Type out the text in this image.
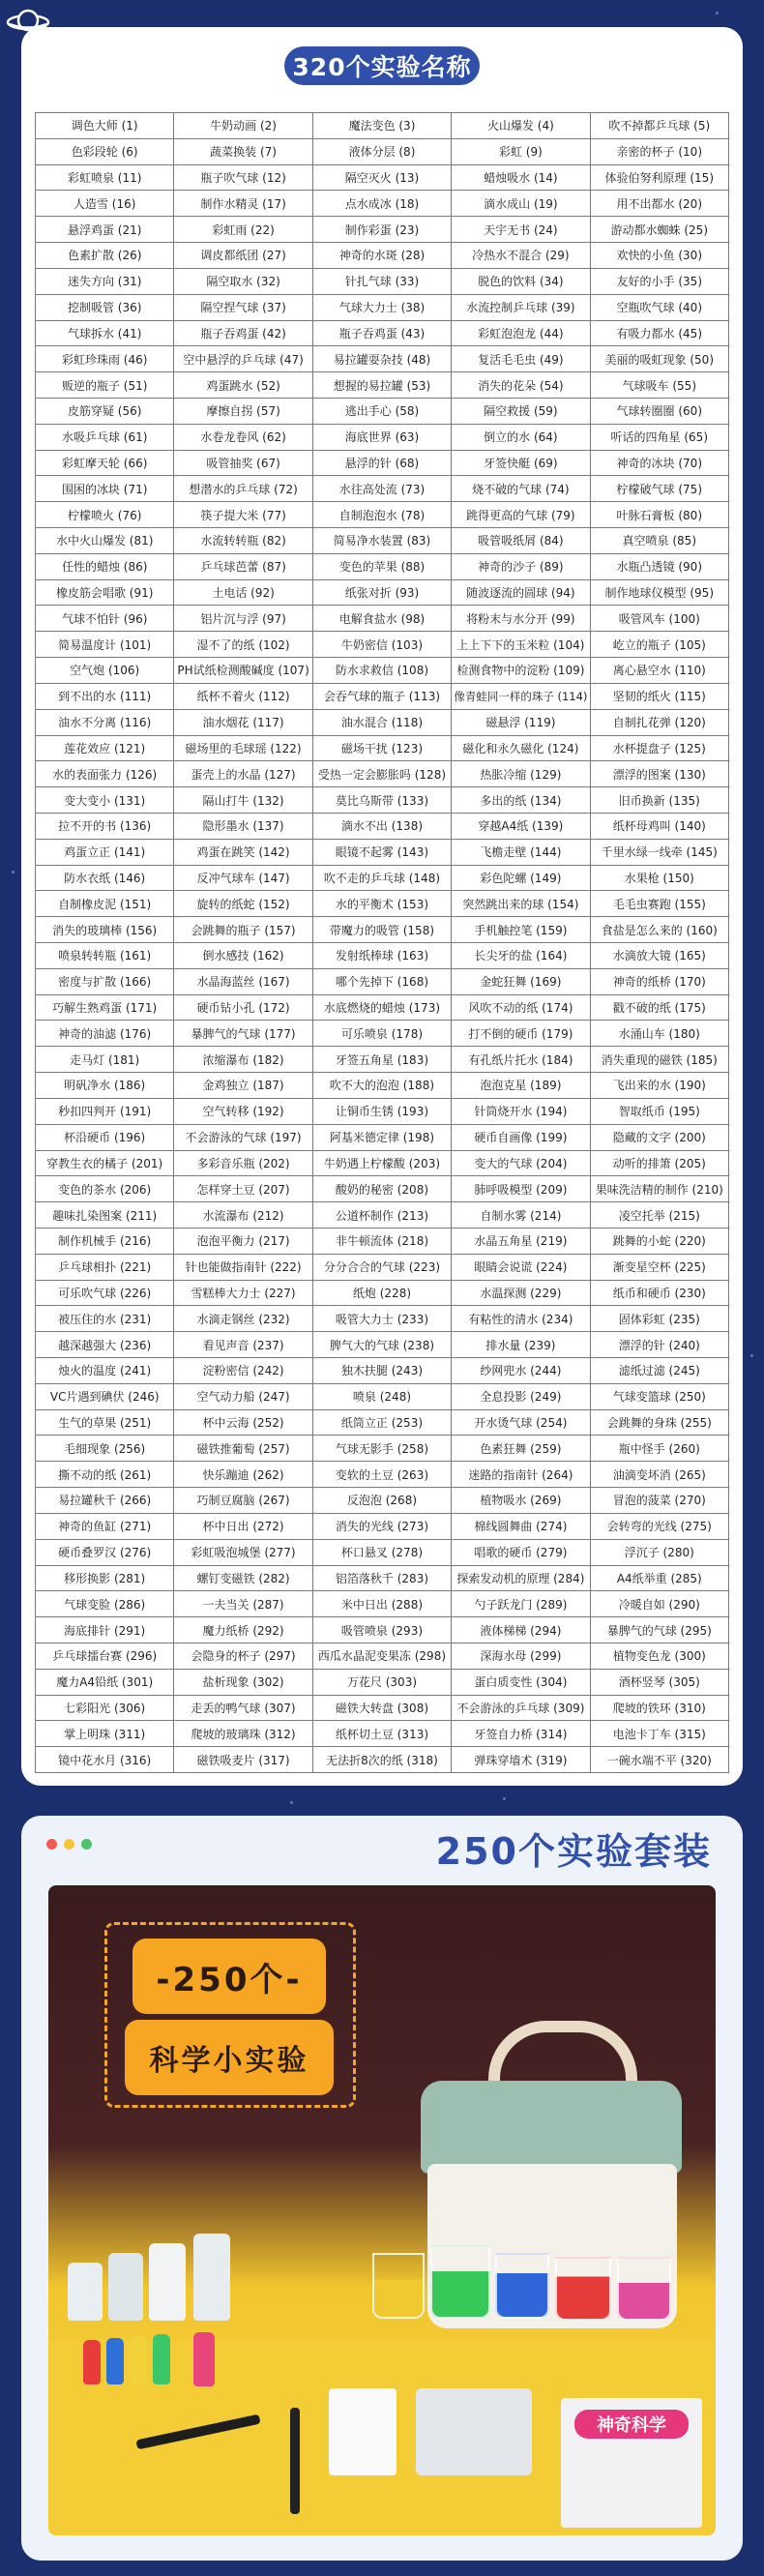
320个实验名称
调色大师 (1)	牛奶动画 (2)	魔法变色 (3)	火山爆发 (4)	吹不掉都乒乓球 (5)
色彩段轮 (6)	蔬菜换装 (7)	液体分层 (8)	彩虹 (9)	亲密的杯子 (10)
彩虹喷泉 (11)	瓶子吹气球 (12)	隔空灭火 (13)	蜡烛吸水 (14)	体验伯努利原理 (15)
人造雪 (16)	制作水精灵 (17)	点水成冰 (18)	滴水成山 (19)	用不出都水 (20)
悬浮鸡蛋 (21)	彩虹雨 (22)	制作彩蛋 (23)	天宇无书 (24)	游动都水蜘蛛 (25)
色素扩散 (26)	调皮都纸团 (27)	神奇的水斑 (28)	冷热水不混合 (29)	欢快的小鱼 (30)
迷失方向 (31)	隔空取水 (32)	针扎气球 (33)	脱色的饮料 (34)	友好的小手 (35)
挖制吸管 (36)	隔空捏气球 (37)	气球大力士 (38)	水流控制乒乓球 (39)	空瓶吹气球 (40)
气球拆水 (41)	瓶子吞鸡蛋 (42)	瓶子吞鸡蛋 (43)	彩虹泡泡龙 (44)	有吸力都水 (45)
彩虹珍珠雨 (46)	空中悬浮的乒乓球 (47)	易拉罐耍杂技 (48)	复活毛毛虫 (49)	美丽的吸虹现象 (50)
贩逆的瓶子 (51)	鸡蛋跳水 (52)	想握的易拉罐 (53)	消失的花朵 (54)	气球吸车 (55)
皮筋穿疑 (56)	摩擦自拐 (57)	逃出手心 (58)	隔空救援 (59)	气球转圈圈 (60)
水吸乒乓球 (61)	水卷龙卷风 (62)	海底世界 (63)	倒立的水 (64)	听话的四角星 (65)
彩虹摩天轮 (66)	吸管抽奖 (67)	悬浮的针 (68)	牙签快艇 (69)	神奇的冰块 (70)
围困的冰块 (71)	想潜水的乒乓球 (72)	水往高处流 (73)	烧不破的气球 (74)	柠檬破气球 (75)
柠檬喷火 (76)	筷子提大米 (77)	自制泡泡水 (78)	跳得更高的气球 (79)	叶脉石膏板 (80)
水中火山爆发 (81)	水流转转瓶 (82)	简易净水装置 (83)	吸管吸纸屑 (84)	真空喷泉 (85)
任性的蜡烛 (86)	乒乓球芭蕾 (87)	变色的苹果 (88)	神奇的沙子 (89)	水瓶凸透镜 (90)
橡皮筋会唱歌 (91)	土电话 (92)	纸张对折 (93)	随波逐流的圆球 (94)	制作地球仪模型 (95)
气球不怕针 (96)	铝片沉与浮 (97)	电解食盐水 (98)	将粉末与水分开 (99)	吸管风车 (100)
简易温度计 (101)	湿不了的纸 (102)	牛奶密信 (103)	上上下下的玉米粒 (104)	屹立的瓶子 (105)
空气炮 (106)	PH试纸检测酸碱度 (107)	防水求救信 (108)	检测食物中的淀粉 (109)	离心悬空水 (110)
到不出的水 (111)	纸杯不着火 (112)	会吞气球的瓶子 (113)	像青蛙同一样的珠子 (114)	坚韧的纸火 (115)
油水不分离 (116)	油水烟花 (117)	油水混合 (118)	磁悬浮 (119)	自制扎花弹 (120)
莲花效应 (121)	磁场里的毛球瑶 (122)	磁场干扰 (123)	磁化和永久磁化 (124)	水杯提盘子 (125)
水的表面张力 (126)	蛋壳上的水晶 (127)	受热一定会膨胀吗 (128)	热胀冷缩 (129)	漂浮的图案 (130)
变大变小 (131)	隔山打牛 (132)	莫比乌斯带 (133)	多出的纸 (134)	旧币换新 (135)
拉不开的书 (136)	隐形墨水 (137)	滴水不出 (138)	穿越A4纸 (139)	纸杯母鸡叫 (140)
鸡蛋立正 (141)	鸡蛋在跳笑 (142)	眼镜不起雾 (143)	飞檐走壁 (144)	千里水绿一线牵 (145)
防水衣纸 (146)	反冲气球车 (147)	吹不走的乒乓球 (148)	彩色陀螺 (149)	水果枪 (150)
自制橡皮泥 (151)	旋转的纸蛇 (152)	水的平衡术 (153)	突然跳出来的球 (154)	毛毛虫赛跑 (155)
消失的玻璃棒 (156)	会跳舞的瓶子 (157)	带魔力的吸管 (158)	手机触控笔 (159)	食盐是怎么来的 (160)
喷泉转转瓶 (161)	倒水感技 (162)	发射纸棒球 (163)	长尖牙的盐 (164)	水滴放大镜 (165)
密度与扩散 (166)	水晶海蓝丝 (167)	哪个先掉下 (168)	金蛇狂舞 (169)	神奇的纸桥 (170)
巧解生熟鸡蛋 (171)	硬币钻小孔 (172)	水底燃烧的蜡烛 (173)	风吹不动的纸 (174)	戳不破的纸 (175)
神奇的油滤 (176)	暴脾气的气球 (177)	可乐喷泉 (178)	打不倒的硬币 (179)	水涌山车 (180)
走马灯 (181)	浓缩瀑布 (182)	牙签五角星 (183)	有孔纸片托水 (184)	消失重现的磁铁 (185)
明矾净水 (186)	金鸡独立 (187)	吹不大的泡泡 (188)	泡泡克星 (189)	飞出来的水 (190)
秒扣四判开 (191)	空气转移 (192)	让铜币生锈 (193)	针筒烧开水 (194)	智取纸币 (195)
杯沿硬币 (196)	不会游泳的气球 (197)	阿基米德定律 (198)	硬币自画像 (199)	隐藏的文字 (200)
穿教生衣的橘子 (201)	多彩音乐瓶 (202)	牛奶遇上柠檬酸 (203)	变大的气球 (204)	动听的排箫 (205)
变色的茶水 (206)	怎样穿土豆 (207)	酸奶的秘密 (208)	肺呼吸模型 (209)	果味洗洁精的制作 (210)
趣味扎染图案 (211)	水流瀑布 (212)	公道杯制作 (213)	自制水雾 (214)	凌空托举 (215)
制作机械手 (216)	泡泡平衡力 (217)	非牛顿流体 (218)	水晶五角星 (219)	跳舞的小蛇 (220)
乒乓球相扑 (221)	针也能做指南针 (222)	分分合合的气球 (223)	眼睛会说谎 (224)	渐变星空杯 (225)
可乐吹气球 (226)	雪糕棒大力士 (227)	纸炮 (228)	水温探测 (229)	纸币和硬币 (230)
被压住的水 (231)	水滴走钢丝 (232)	吸管大力士 (233)	有粘性的清水 (234)	固体彩虹 (235)
越深越强大 (236)	看见声音 (237)	脾气大的气球 (238)	排水量 (239)	漂浮的针 (240)
烛火的温度 (241)	淀粉密信 (242)	独木扶腿 (243)	纱网兜水 (244)	滤纸过滤 (245)
VC片遇到碘伏 (246)	空气动力船 (247)	喷泉 (248)	全息投影 (249)	气球变篮球 (250)
生气的草果 (251)	杯中云海 (252)	纸筒立正 (253)	开水烫气球 (254)	会跳舞的身珠 (255)
毛细现象 (256)	磁铁推葡萄 (257)	气球无影手 (258)	色素狂舞 (259)	瓶中怪手 (260)
撕不动的纸 (261)	快乐蹦迪 (262)	变软的土豆 (263)	迷路的指南针 (264)	油滴变坏消 (265)
易拉罐秋千 (266)	巧制豆腐脑 (267)	反泡泡 (268)	植物吸水 (269)	冒泡的菠菜 (270)
神奇的鱼缸 (271)	杯中日出 (272)	消失的光线 (273)	棉线圆舞曲 (274)	会转弯的光线 (275)
硬币叠罗汉 (276)	彩虹吸泡城堡 (277)	杯口悬叉 (278)	唱歌的硬币 (279)	浮沉子 (280)
移形换影 (281)	螺钉变磁铁 (282)	铝箔落秋千 (283)	探索发动机的原理 (284)	A4纸举重 (285)
气球变脸 (286)	一夫当关 (287)	米中日出 (288)	勺子跃龙门 (289)	冷暖自如 (290)
海底排针 (291)	魔力纸桥 (292)	吸管喷泉 (293)	液体梯梯 (294)	暴脾气的气球 (295)
乒乓球擂台赛 (296)	会隐身的杯子 (297)	西瓜水晶泥变果冻 (298)	深海水母 (299)	植物变色龙 (300)
魔力A4铅纸 (301)	盐析现象 (302)	万花尺 (303)	蛋白质变性 (304)	酒杯竖琴 (305)
七彩阳光 (306)	走丢的鸭气球 (307)	磁铁大转盘 (308)	不会游泳的乒乓球 (309)	爬坡的铁环 (310)
掌上明珠 (311)	爬坡的玻璃珠 (312)	纸杯切土豆 (313)	牙签自力桥 (314)	电池卡丁车 (315)
镜中花水月 (316)	磁铁吸麦片 (317)	无法折8次的纸 (318)	弹珠穿墙术 (319)	一碗水端不平 (320)
250个实验套装
-250个-
科学小实验
神奇科学
